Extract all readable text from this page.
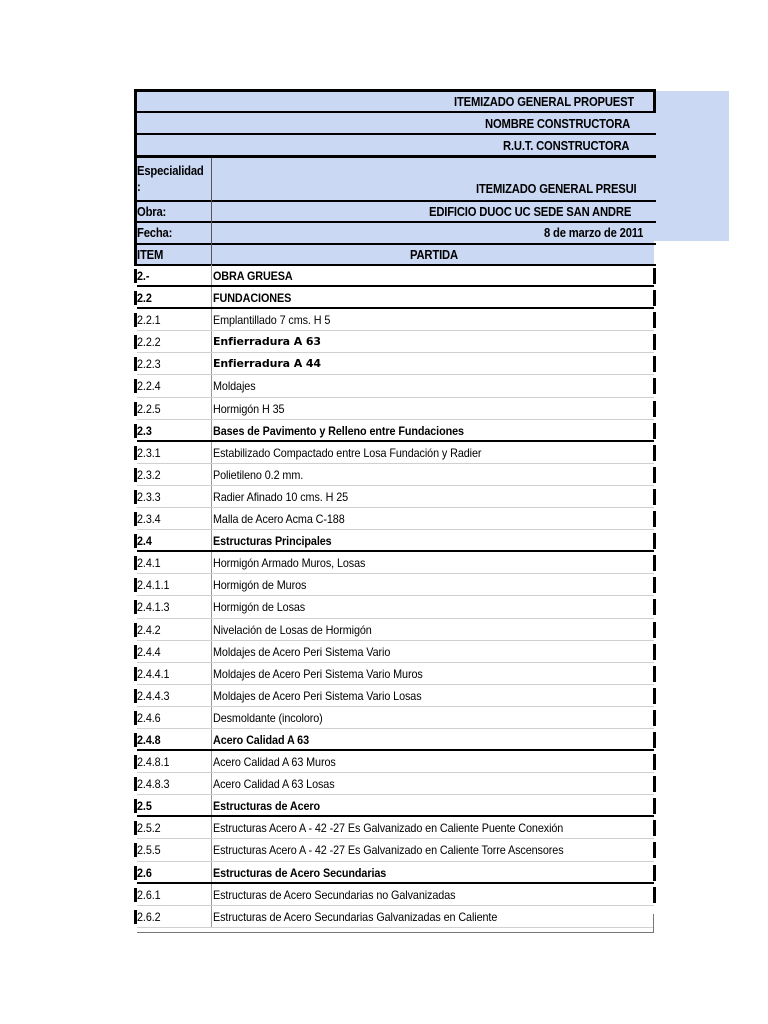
ITEMIZADO GENERAL PROPUEST
NOMBRE CONSTRUCTORA
R.U.T. CONSTRUCTORA
Especialidad
:	ITEMIZADO GENERAL PRESUI
Obra:	EDIFICIO DUOC UC SEDE SAN ANDRE
Fecha:	8 de marzo de 2011
ITEM	PARTIDA
2.-	OBRA GRUESA
2.2	FUNDACIONES
2.2.1	Emplantillado 7 cms. H 5
2.2.2	Enfierradura A 63
2.2.3	Enfierradura A 44
2.2.4	Moldajes
2.2.5	Hormigón H 35
2.3	Bases de Pavimento y Relleno entre Fundaciones
2.3.1	Estabilizado Compactado entre Losa Fundación y Radier
2.3.2	Polietileno 0.2 mm.
2.3.3	Radier Afinado 10 cms. H 25
2.3.4	Malla de Acero Acma C-188
2.4	Estructuras Principales
2.4.1	Hormigón Armado Muros, Losas
2.4.1.1	Hormigón de Muros
2.4.1.3	Hormigón de Losas
2.4.2	Nivelación de Losas de Hormigón
2.4.4	Moldajes de Acero Peri Sistema Vario
2.4.4.1	Moldajes de Acero Peri Sistema Vario Muros
2.4.4.3	Moldajes de Acero Peri Sistema Vario Losas
2.4.6	Desmoldante (incoloro)
2.4.8	Acero Calidad A 63
2.4.8.1	Acero Calidad A 63 Muros
2.4.8.3	Acero Calidad A 63 Losas
2.5	Estructuras de Acero
2.5.2	Estructuras Acero A - 42 -27 Es Galvanizado en Caliente Puente Conexión
2.5.5	Estructuras Acero A - 42 -27 Es Galvanizado en Caliente Torre Ascensores
2.6	Estructuras de Acero Secundarias
2.6.1	Estructuras de Acero Secundarias no Galvanizadas
2.6.2	Estructuras de Acero Secundarias Galvanizadas en Caliente
